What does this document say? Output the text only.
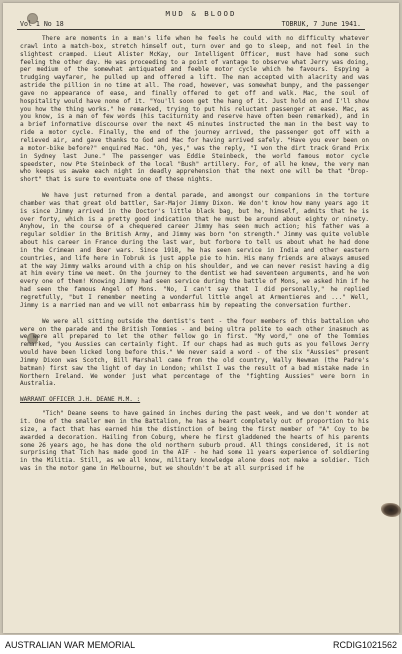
MUD & BLOOD
Vol 1 No 18	TOBRUK, 7 June 1941.

There are moments in a man's life when he feels he could with no difficulty whatever crawl into a match-box, stretch himself out, turn over and go to sleep, and not feel in the slightest cramped. Lieut Alister McKay, our Intelligent Officer, must have had some such feeling the other day. He was proceeding to a point of vantage to observe what Jerry was doing, per medium of the somewhat antiquated and feeble motor cycle which he favours. Espying a trudging wayfarer, he pulled up and offered a lift. The man accepted with alacrity and was astride the pillion in no time at all. The road, however, was somewhat bumpy, and the passenger gave no appearance of ease, and finally offered to get off and walk. Mac, the soul of hospitality would have none of it. "You'll soon get the hang of it. Just hold on and I'll show you how the thing works." he remarked, trying to put his reluctant passenger at ease. Mac, as you know, is a man of few words (his taciturnity and reserve have often been remarked), and in a brief informative discourse over the next 45 minutes instructed the man in the best way to ride a motor cycle. Finally, the end of the journey arrived, the passenger got off with a relieved air, and gave thanks to God and Mac for having arrived safely. "Have you ever been on a motor-bike before?" enquired Mac. "Oh, yes," was the reply, "I won the dirt track Grand Prix in Sydney last June." The passenger was Eddie Steinbeck, the world famous motor cycle speedster, now Pte Steinbeck of the local "Bush" artillery. For, of all he knew, the very man who keeps us awake each night in deadly apprehension that the next one will be that "Drop-short" that is sure to eventuate one of these nights.

We have just returned from a dental parade, and amongst our companions in the torture chamber was that great old battler, Sar-Major Jimmy Dixon. We don't know how many years ago it is since Jimmy arrived in the Doctor's little black bag, but he, himself, admits that he is over forty, which is a pretty good indication that he must be around about eighty or ninety. Anyhow, in the course of a chequered career Jimmy has seen much action; his father was a regular soldier in the British Army, and Jimmy was born "on strength." Jimmy was quite voluble about his career in France during the last war, but forbore to tell us about what he had done in the Crimean and Boer wars. Since 1918, he has seen service in India and other eastern countries, and life here in Tobruk is just apple pie to him. His many friends are always amused at the way Jimmy walks around with a chip on his shoulder, and we can never resist having a dig at him every time we meet. On the journey to the dentist we had seventeen arguments, and he won every one of them! Knowing Jimmy had seen service during the battle of Mons, we asked him if he had seen the famous Angel of Mons. "No, I can't say that I did personally," he replied regretfully, "but I remember meeting a wonderful little angel at Armentieres and ..." Well, Jimmy is a married man and we will not embarrass him by repeating the conversation further.

We were all sitting outside the dentist's tent - the four members of this battalion who were on the parade and the British Tommies - and being ultra polite to each other inasmuch as we were all prepared to let the other fellow go in first. "My word," one of the Tommies remarked, "you Aussies can certainly fight. If our chaps had as much guts as you fellows Jerry would have been licked long before this." We never said a word - of the six "Aussies" present Jimmy Dixon was Scotch, Bill Marshall came from the old country, Wally Newman (the Padre's batman) first saw the light of day in London; whilst I was the result of a bad mistake made in Northern Ireland. We wonder just what percentage of the "fighting Aussies" were born in Australia.

WARRANT OFFICER J.H. DEANE M.M. :

"Tich" Deane seems to have gained in inches during the past week, and we don't wonder at it. One of the smaller men in the Battalion, he has a heart completely out of proportion to his size, a fact that has earned him the distinction of being the first member of "A" Coy to be awarded a decoration. Hailing from Coburg, where he first gladdened the hearts of his parents some 26 years ago, he has done the old northern suburb proud. All things considered, it is not surprising that Tich has made good in the AIF - he had some 11 years experience of soldiering in the Militia. Still, as we all know, military knowledge alone does not make a soldier. Tich was in the motor game in Melbourne, but we shouldn't be at all surprised if he

AUSTRALIAN WAR MEMORIAL	RCDIG1021562
